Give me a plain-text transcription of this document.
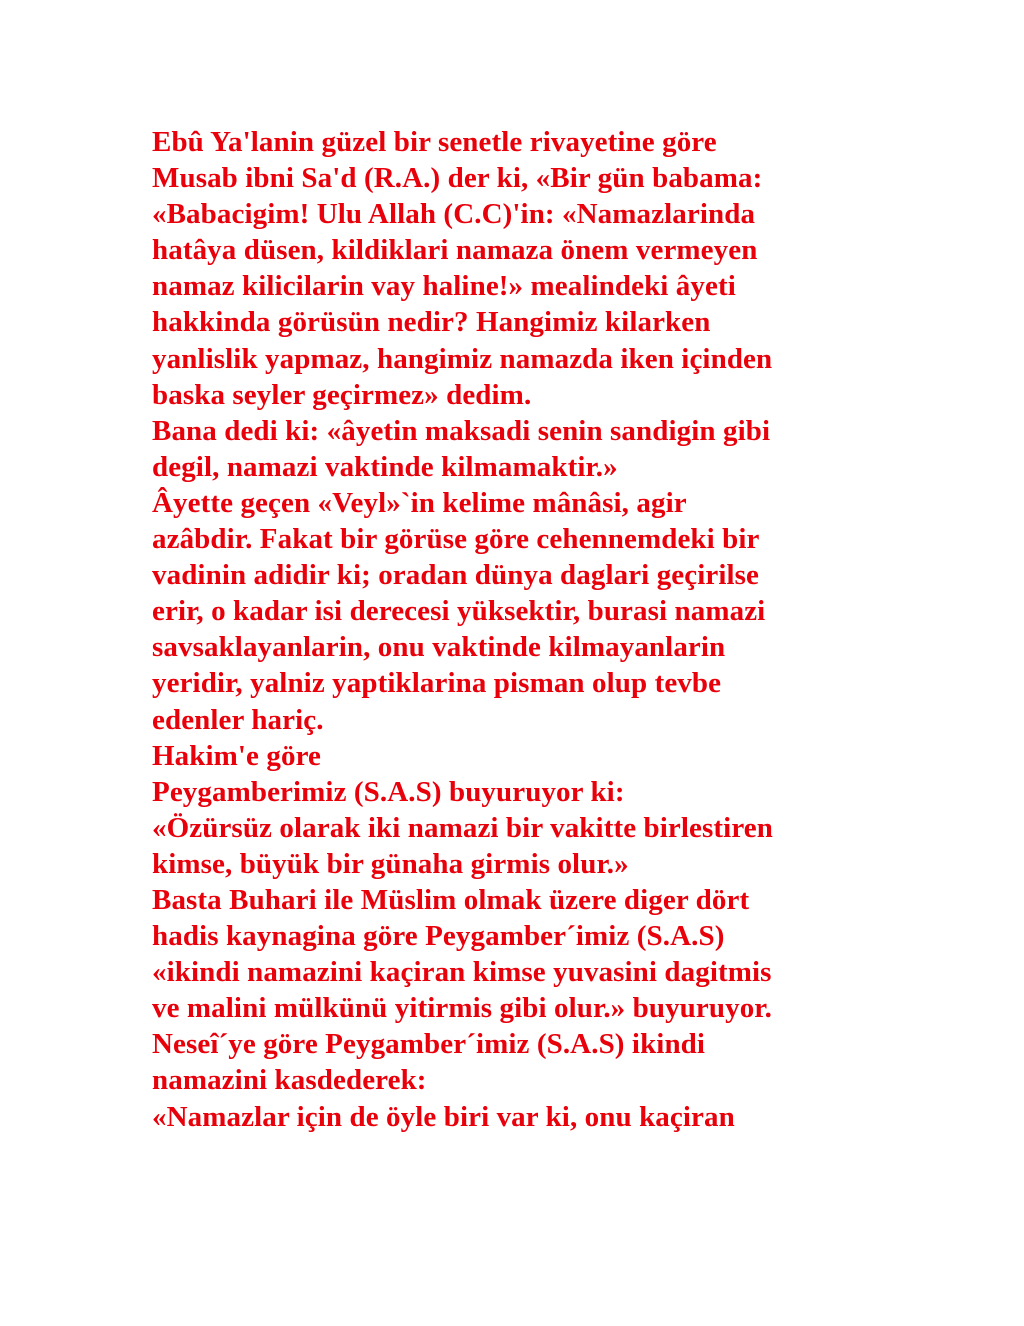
Ebû Ya'lanin güzel bir senetle rivayetine göre
Musab ibni Sa'd (R.A.) der ki, «Bir gün babama:
«Babacigim! Ulu Allah (C.C)'in: «Namazlarinda
hatâya düsen, kildiklari namaza önem vermeyen
namaz kilicilarin vay haline!» mealindeki âyeti
hakkinda görüsün nedir? Hangimiz kilarken
yanlislik yapmaz, hangimiz namazda iken içinden
baska seyler geçirmez» dedim.
Bana dedi ki: «âyetin maksadi senin sandigin gibi
degil, namazi vaktinde kilmamaktir.»
Âyette geçen «Veyl»`in kelime mânâsi, agir
azâbdir. Fakat bir görüse göre cehennemdeki bir
vadinin adidir ki; oradan dünya daglari geçirilse
erir, o kadar isi derecesi yüksektir, burasi namazi
savsaklayanlarin, onu vaktinde kilmayanlarin
yeridir, yalniz yaptiklarina pisman olup tevbe
edenler hariç.
Hakim'e göre
Peygamberimiz (S.A.S) buyuruyor ki:
«Özürsüz olarak iki namazi bir vakitte birlestiren
kimse, büyük bir günaha girmis olur.»
Basta Buhari ile Müslim olmak üzere diger dört
hadis kaynagina göre Peygamber´imiz (S.A.S)
«ikindi namazini kaçiran kimse yuvasini dagitmis
ve malini mülkünü yitirmis gibi olur.» buyuruyor.
Neseî´ye göre Peygamber´imiz (S.A.S) ikindi
namazini kasdederek:
«Namazlar için de öyle biri var ki, onu kaçiran
